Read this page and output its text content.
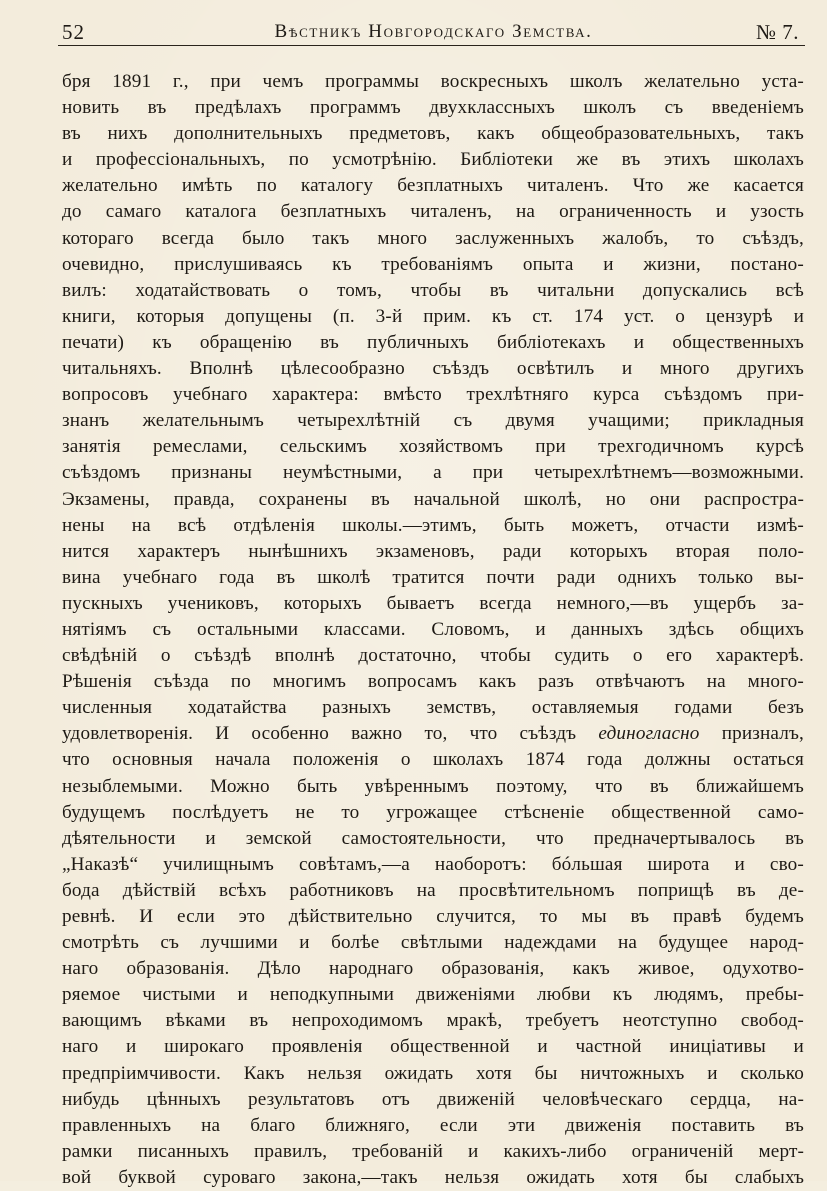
52	Вѣстникъ Новгородскаго Земства.	№ 7.
бря 1891 г., при чемъ программы воскресныхъ школъ желательно уста-
новить въ предѣлахъ программъ двухклассныхъ школъ съ введеніемъ
въ нихъ дополнительныхъ предметовъ, какъ общеобразовательныхъ, такъ
и профессіональныхъ, по усмотрѣнію. Библіотеки же въ этихъ школахъ
желательно имѣть по каталогу безплатныхъ читаленъ. Что же касается
до самаго каталога безплатныхъ читаленъ, на ограниченность и узость
котораго всегда было такъ много заслуженныхъ жалобъ, то съѣздъ,
очевидно, прислушиваясь къ требованіямъ опыта и жизни, постано-
вилъ: ходатайствовать о томъ, чтобы въ читальни допускались всѣ
книги, которыя допущены (п. 3-й прим. къ ст. 174 уст. о цензурѣ и
печати) къ обращенію въ публичныхъ библіотекахъ и общественныхъ
читальняхъ. Вполнѣ цѣлесообразно съѣздъ освѣтилъ и много другихъ
вопросовъ учебнаго характера: вмѣсто трехлѣтняго курса съѣздомъ при-
знанъ желательнымъ четырехлѣтній съ двумя учащими; прикладныя
занятія ремеслами, сельскимъ хозяйствомъ при трехгодичномъ курсѣ
съѣздомъ признаны неумѣстными, а при четырехлѣтнемъ—возможными.
Экзамены, правда, сохранены въ начальной школѣ, но они распростра-
нены на всѣ отдѣленія школы.—этимъ, быть можетъ, отчасти измѣ-
нится характеръ нынѣшнихъ экзаменовъ, ради которыхъ вторая поло-
вина учебнаго года въ школѣ тратится почти ради однихъ только вы-
пускныхъ учениковъ, которыхъ бываетъ всегда немного,—въ ущербъ за-
нятіямъ съ остальными классами. Словомъ, и данныхъ здѣсь общихъ
свѣдѣній о съѣздѣ вполнѣ достаточно, чтобы судить о его характерѣ.
Рѣшенія съѣзда по многимъ вопросамъ какъ разъ отвѣчаютъ на много-
численныя ходатайства разныхъ земствъ, оставляемыя годами безъ
удовлетворенія. И особенно важно то, что съѣздъ единогласно призналъ,
что основныя начала положенія о школахъ 1874 года должны остаться
незыблемыми. Можно быть увѣреннымъ поэтому, что въ ближайшемъ
будущемъ послѣдуетъ не то угрожащее стѣсненіе общественной само-
дѣятельности и земской самостоятельности, что предначертывалось въ
„Наказѣ“ училищнымъ совѣтамъ,—а наоборотъ: бóльшая широта и сво-
бода дѣйствій всѣхъ работниковъ на просвѣтительномъ поприщѣ въ де-
ревнѣ. И если это дѣйствительно случится, то мы въ правѣ будемъ
смотрѣть съ лучшими и болѣе свѣтлыми надеждами на будущее народ-
наго образованія. Дѣло народнаго образованія, какъ живое, одухотво-
ряемое чистыми и неподкупными движеніями любви къ людямъ, пребы-
вающимъ вѣками въ непроходимомъ мракѣ, требуетъ неотступно свобод-
наго и широкаго проявленія общественной и частной иниціативы и
предпріимчивости. Какъ нельзя ожидать хотя бы ничтожныхъ и сколько
нибудь цѣнныхъ результатовъ отъ движеній человѣческаго сердца, на-
правленныхъ на благо ближняго, если эти движенія поставить въ
рамки писанныхъ правилъ, требованій и какихъ-либо ограниченій мерт-
вой буквой суроваго закона,—такъ нельзя ожидать хотя бы слабыхъ
